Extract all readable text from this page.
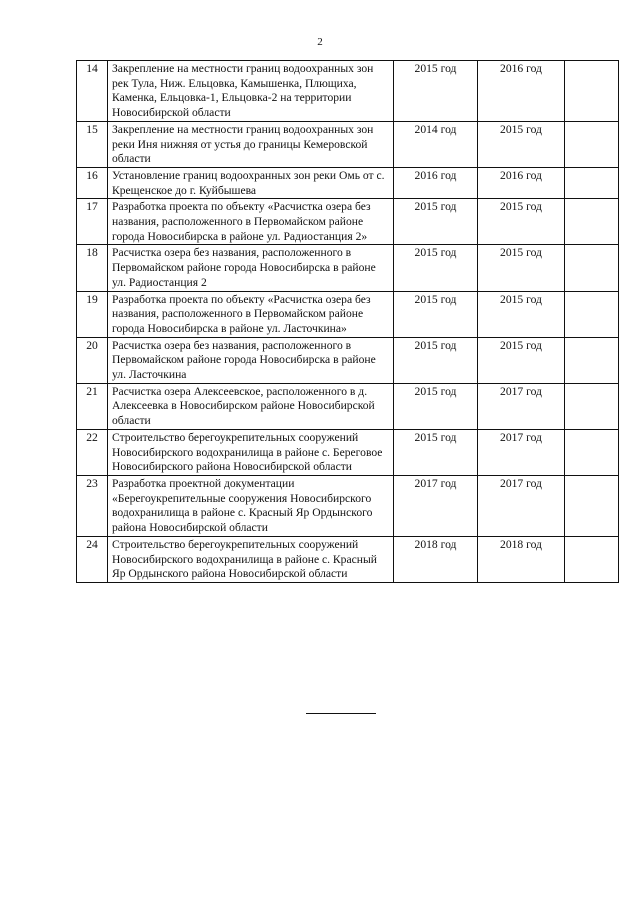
2
14	Закрепление на местности границ водоохранных зон рек Тула, Ниж. Ельцовка, Камышенка, Плющиха, Каменка, Ельцовка-1, Ельцовка-2 на территории Новосибирской области	2015 год	2016 год	
15	Закрепление на местности границ водоохранных зон реки Иня нижняя от устья до границы Кемеровской области	2014 год	2015 год	
16	Установление границ водоохранных зон реки Омь от с. Крещенское до г. Куйбышева	2016 год	2016 год	
17	Разработка проекта по объекту «Расчистка озера без названия, расположенного в Первомайском районе города Новосибирска в районе ул. Радиостанция 2»	2015 год	2015 год	
18	Расчистка озера без названия, расположенного в Первомайском районе города Новосибирска в районе ул. Радиостанция 2	2015 год	2015 год	
19	Разработка проекта по объекту «Расчистка озера без названия, расположенного в Первомайском районе города Новосибирска в районе ул. Ласточкина»	2015 год	2015 год	
20	Расчистка озера без названия, расположенного в Первомайском районе города Новосибирска в районе ул. Ласточкина	2015 год	2015 год	
21	Расчистка озера Алексеевское, расположенного в д. Алексеевка в Новосибирском районе Новосибирской области	2015 год	2017 год	
22	Строительство берегоукрепительных сооружений Новосибирского водохранилища в районе с. Береговое Новосибирского района Новосибирской области	2015 год	2017 год	
23	Разработка проектной документации «Берегоукрепительные сооружения Новосибирского водохранилища в районе с. Красный Яр Ордынского района Новосибирской области	2017 год	2017 год	
24	Строительство берегоукрепительных сооружений Новосибирского водохранилища в районе с. Красный Яр Ордынского района Новосибирской области	2018 год	2018 год	
